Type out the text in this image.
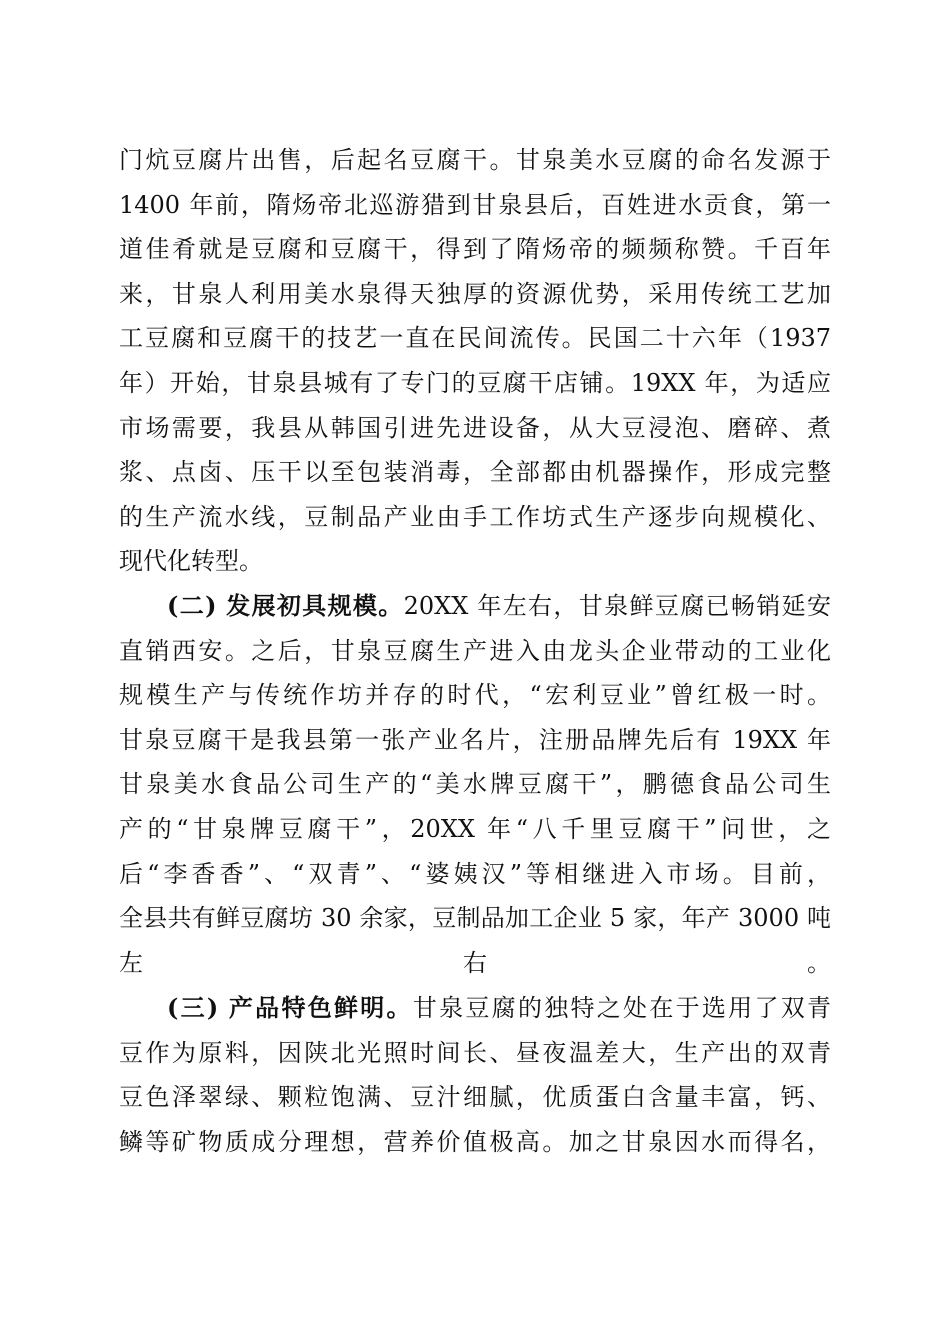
门炕豆腐片出售，后起名豆腐干。甘泉美水豆腐的命名发源于
1400 年前，隋炀帝北巡游猎到甘泉县后，百姓进水贡食，第一
道佳肴就是豆腐和豆腐干，得到了隋炀帝的频频称赞。千百年
来，甘泉人利用美水泉得天独厚的资源优势，采用传统工艺加
工豆腐和豆腐干的技艺一直在民间流传。民国二十六年（1937
年）开始，甘泉县城有了专门的豆腐干店铺。19XX 年，为适应
市场需要，我县从韩国引进先进设备，从大豆浸泡、磨碎、煮
浆、点卤、压干以至包装消毒，全部都由机器操作，形成完整
的生产流水线，豆制品产业由手工作坊式生产逐步向规模化、
现代化转型。
(二) 发展初具规模。20XX 年左右，甘泉鲜豆腐已畅销延安
直销西安。之后，甘泉豆腐生产进入由龙头企业带动的工业化
规模生产与传统作坊并存的时代，“宏利豆业”曾红极一时。
甘泉豆腐干是我县第一张产业名片，注册品牌先后有 19XX 年
甘泉美水食品公司生产的“美水牌豆腐干”，鹏德食品公司生
产的“甘泉牌豆腐干”，20XX 年“八千里豆腐干”问世，之
后“李香香”、“双青”、“婆姨汉”等相继进入市场。目前，
全县共有鲜豆腐坊 30 余家，豆制品加工企业 5 家，年产 3000 吨
左右。
(三) 产品特色鲜明。甘泉豆腐的独特之处在于选用了双青
豆作为原料，因陕北光照时间长、昼夜温差大，生产出的双青
豆色泽翠绿、颗粒饱满、豆汁细腻，优质蛋白含量丰富，钙、
鳞等矿物质成分理想，营养价值极高。加之甘泉因水而得名，
